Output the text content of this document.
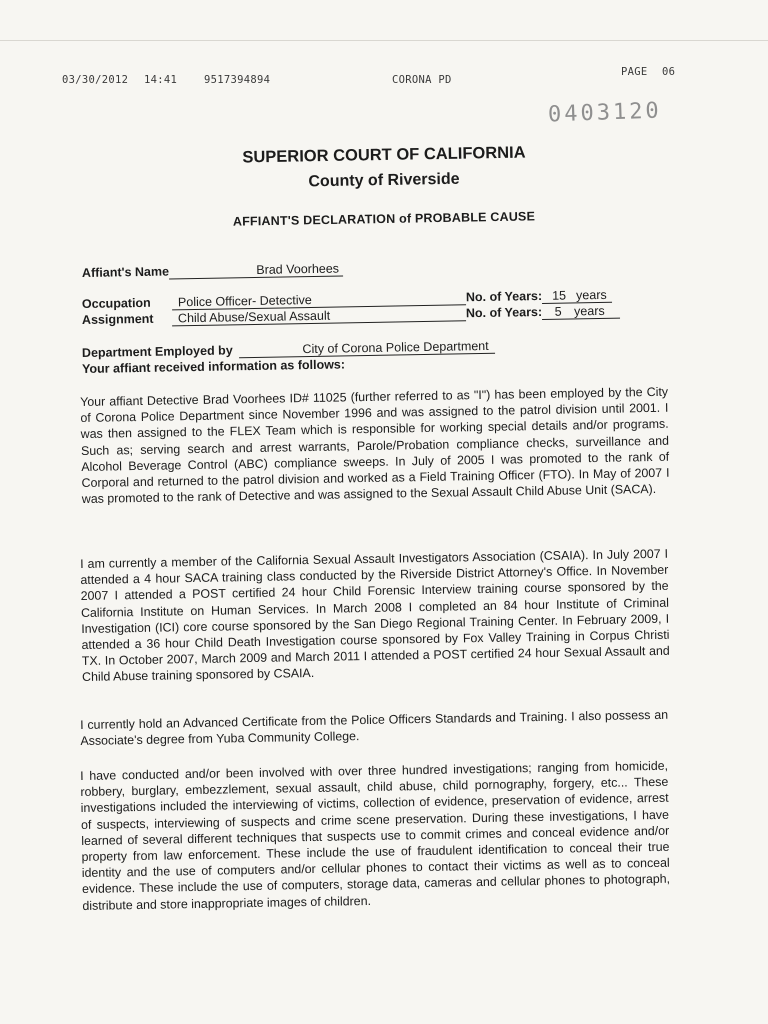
03/30/2012 14:41	9517394894	CORONA PD
PAGE 06
0403120
SUPERIOR COURT OF CALIFORNIA
County of Riverside
AFFIANT'S DECLARATION of PROBABLE CAUSE
Affiant's Name	Brad Voorhees
Occupation Police Officer- Detective	No. of Years: 15 years
Assignment Child Abuse/Sexual Assault	No. of Years: 5 years
Department Employed by	City of Corona Police Department
Your affiant received information as follows:

Your affiant Detective Brad Voorhees ID# 11025 (further referred to as "I") has been employed by the City of Corona Police Department since November 1996 and was assigned to the patrol division until 2001. I was then assigned to the FLEX Team which is responsible for working special details and/or programs. Such as; serving search and arrest warrants, Parole/Probation compliance checks, surveillance and Alcohol Beverage Control (ABC) compliance sweeps. In July of 2005 I was promoted to the rank of Corporal and returned to the patrol division and worked as a Field Training Officer (FTO). In May of 2007 I was promoted to the rank of Detective and was assigned to the Sexual Assault Child Abuse Unit (SACA).

I am currently a member of the California Sexual Assault Investigators Association (CSAIA). In July 2007 I attended a 4 hour SACA training class conducted by the Riverside District Attorney's Office. In November 2007 I attended a POST certified 24 hour Child Forensic Interview training course sponsored by the California Institute on Human Services. In March 2008 I completed an 84 hour Institute of Criminal Investigation (ICI) core course sponsored by the San Diego Regional Training Center. In February 2009, I attended a 36 hour Child Death Investigation course sponsored by Fox Valley Training in Corpus Christi TX. In October 2007, March 2009 and March 2011 I attended a POST certified 24 hour Sexual Assault and Child Abuse training sponsored by CSAIA.

I currently hold an Advanced Certificate from the Police Officers Standards and Training. I also possess an Associate's degree from Yuba Community College.

I have conducted and/or been involved with over three hundred investigations; ranging from homicide, robbery, burglary, embezzlement, sexual assault, child abuse, child pornography, forgery, etc... These investigations included the interviewing of victims, collection of evidence, preservation of evidence, arrest of suspects, interviewing of suspects and crime scene preservation. During these investigations, I have learned of several different techniques that suspects use to commit crimes and conceal evidence and/or property from law enforcement. These include the use of fraudulent identification to conceal their true identity and the use of computers and/or cellular phones to contact their victims as well as to conceal evidence. These include the use of computers, storage data, cameras and cellular phones to photograph, distribute and store inappropriate images of children.
